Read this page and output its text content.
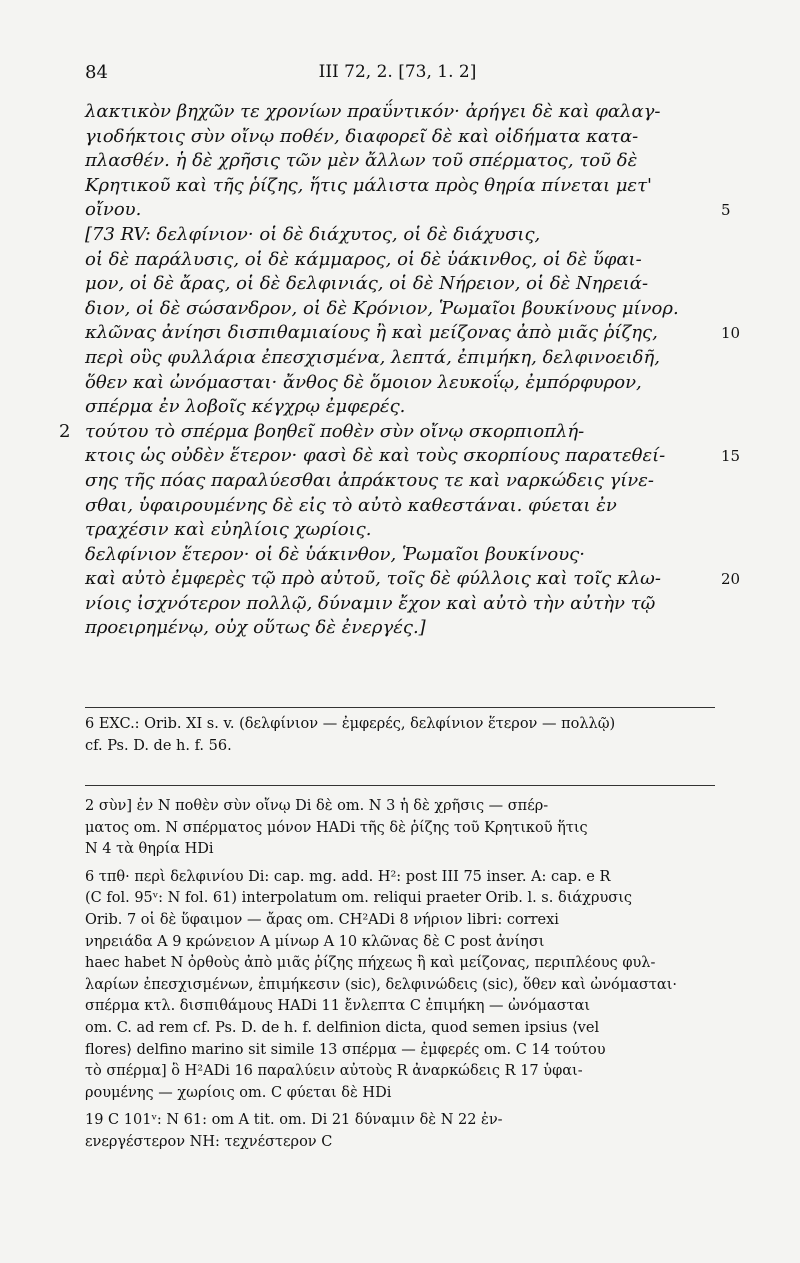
84	III 72, 2. [73, 1. 2]
λακτικὸν βηχῶν τε χρονίων πραΰντικόν· ἀρήγει δὲ καὶ φαλαγ-
γιοδήκτοις σὺν οἴνῳ ποθέν, διαφορεῖ δὲ καὶ οἰδήματα κατα-
πλασθέν. ἡ δὲ χρῆσις τῶν μὲν ἄλλων τοῦ σπέρματος, τοῦ δὲ
Κρητικοῦ καὶ τῆς ῥίζης, ἥτις μάλιστα πρὸς θηρία πίνεται μετ'
οἴνου.	5
[73 RV: δελφίνιον· οἱ δὲ διάχυτος, οἱ δὲ διάχυσις,
οἱ δὲ παράλυσις, οἱ δὲ κάμμαρος, οἱ δὲ ὑάκινθος, οἱ δὲ ὕφαι-
μον, οἱ δὲ ἄρας, οἱ δὲ δελφινιάς, οἱ δὲ Νήρειον, οἱ δὲ Νηρειά-
διον, οἱ δὲ σώσανδρον, οἱ δὲ Κρόνιον, Ῥωμαῖοι βουκίνους μίνορ.
κλῶνας ἀνίησι δισπιθαμιαίους ἢ καὶ μείζονας ἀπὸ μιᾶς ῥίζης,	10
περὶ οὓς φυλλάρια ἐπεσχισμένα, λεπτά, ἐπιμήκη, δελφινοειδῆ,
ὅθεν καὶ ὠνόμασται· ἄνθος δὲ ὅμοιον λευκοΐῳ, ἐμπόρφυρον,
σπέρμα ἐν λοβοῖς κέγχρῳ ἐμφερές.
τούτου τὸ σπέρμα βοηθεῖ ποθὲν σὺν οἴνῳ σκορπιοπλή-
2
κτοις ὡς οὐδὲν ἕτερον· φασὶ δὲ καὶ τοὺς σκορπίους παρατεθεί-	15
σης τῆς πόας παραλύεσθαι ἀπράκτους τε καὶ ναρκώδεις γίνε-
σθαι, ὑφαιρουμένης δὲ εἰς τὸ αὐτὸ καθεστάναι. φύεται ἐν
τραχέσιν καὶ εὐηλίοις χωρίοις.
δελφίνιον ἕτερον· οἱ δὲ ὑάκινθον, Ῥωμαῖοι βουκίνους·
καὶ αὐτὸ ἐμφερὲς τῷ πρὸ αὐτοῦ, τοῖς δὲ φύλλοις καὶ τοῖς κλω-	20
νίοις ἰσχνότερον πολλῷ, δύναμιν ἔχον καὶ αὐτὸ τὴν αὐτὴν τῷ
προειρημένῳ, οὐχ οὕτως δὲ ἐνεργές.]
6 EXC.: Orib. XI s. v. (δελφίνιον — ἐμφερές, δελφίνιον ἕτερον — πολλῷ)
cf. Ps. D. de h. f. 56.
2 σὺν] ἐν N ποθὲν σὺν οἴνῳ Di δὲ om. N 3 ἡ δὲ χρῆσις — σπέρ-
ματος om. N σπέρματος μόνον HADi τῆς δὲ ῥίζης τοῦ Κρητικοῦ ἥτις
N 4 τὰ θηρία HDi
6 τπθ· περὶ δελφινίου Di: cap. mg. add. H²: post III 75 inser. A: cap. e R
(C fol. 95ᵛ: N fol. 61) interpolatum om. reliqui praeter Orib. l. s. διάχρυσις
Orib. 7 οἱ δὲ ὕφαιμον — ἄρας om. CH²ADi 8 νήριον libri: correxi
νηρειάδα A 9 κρώνειον A μίνωρ A 10 κλῶνας δὲ C post ἀνίησι
haec habet N ὀρθοὺς ἀπὸ μιᾶς ῥίζης πήχεως ἢ καὶ μείζονας, περιπλέους φυλ-
λαρίων ἐπεσχισμένων, ἐπιμήκεσιν (sic), δελφινώδεις (sic), ὅθεν καὶ ὠνόμασται·
σπέρμα κτλ. δισπιθάμους HADi 11 ἔνλεπτα C ἐπιμήκη — ὠνόμασται
om. C. ad rem cf. Ps. D. de h. f. delfinion dicta, quod semen ipsius ⟨vel
flores⟩ delfino marino sit simile 13 σπέρμα — ἐμφερές om. C 14 τούτου
τὸ σπέρμα] ὃ H²ADi 16 παραλύειν αὐτοὺς R ἀναρκώδεις R 17 ὑφαι-
ρουμένης — χωρίοις om. C φύεται δὲ HDi
19 C 101ᵛ: N 61: om A tit. om. Di 21 δύναμιν δὲ N 22 ἐν-
ενεργέστερον NH: τεχνέστερον C
